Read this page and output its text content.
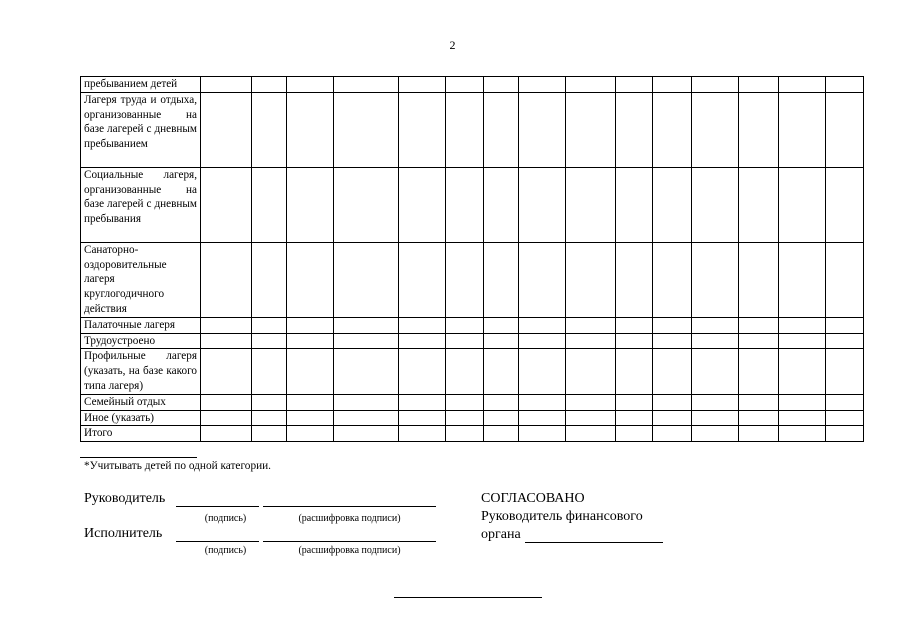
2
пребыванием детей															
Лагеря труда и отдыха, организованные на базе лагерей с дневным пребыванием															
Социальные лагеря, организованные на базе лагерей с дневным пребывания															
Санаторно-оздоровительные лагеря круглогодичного действия															
Палаточные лагеря															
Трудоустроено															
Профильные лагеря (указать, на базе какого типа лагеря)															
Семейный отдых															
Иное (указать)															
Итого															
*Учитывать детей по одной категории.
Руководитель
(подпись)	(расшифровка подписи)
Исполнитель
(подпись)	(расшифровка подписи)
СОГЛАСОВАНО
Руководитель финансового
органа
